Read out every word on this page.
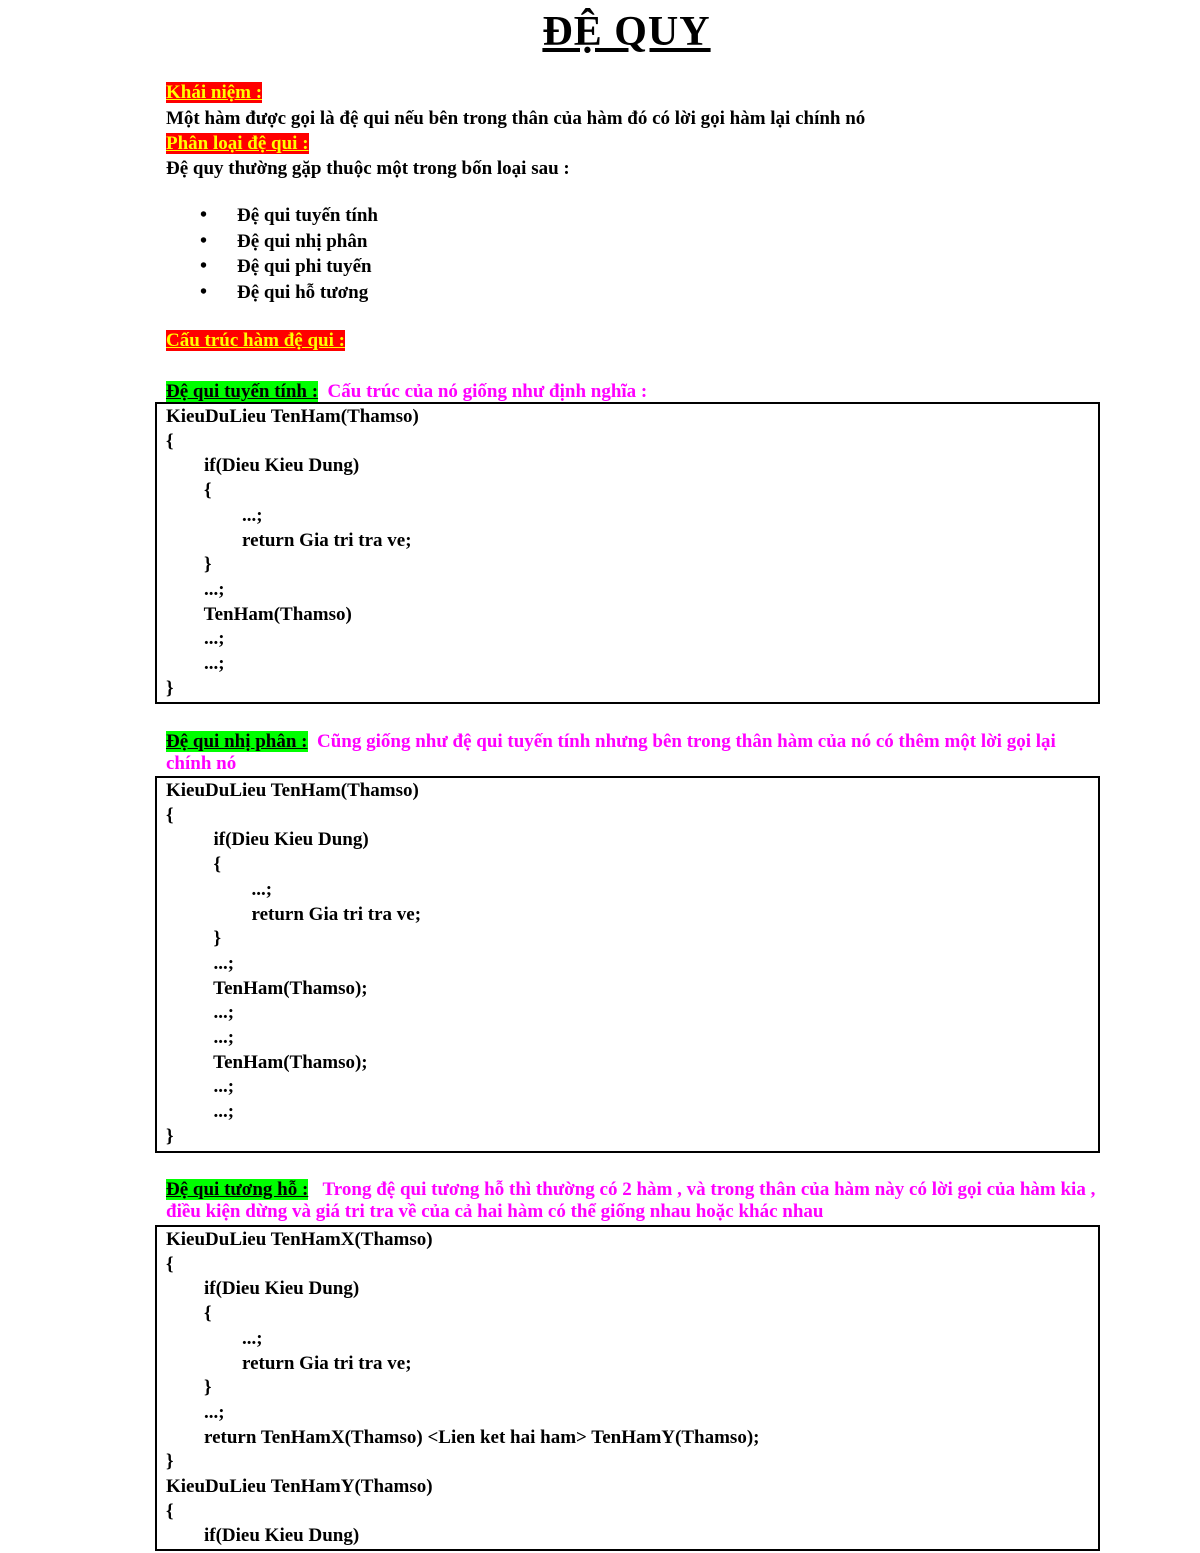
ĐỆ QUY
Khái niệm :
Một hàm được gọi là đệ qui nếu bên trong thân của hàm đó có lời gọi hàm lại chính nó
Phân loại đệ qui :
Đệ quy thường gặp thuộc một trong bốn loại sau :
• Đệ qui tuyến tính
• Đệ qui nhị phân
• Đệ qui phi tuyến
• Đệ qui hỗ tương
Cấu trúc hàm đệ qui :
Đệ qui tuyến tính : Cấu trúc của nó giống như định nghĩa :
KieuDuLieu TenHam(Thamso)
{
if(Dieu Kieu Dung)
{
...;
return Gia tri tra ve;
}
...;
TenHam(Thamso)
...;
...;
}
Đệ qui nhị phân : Cũng giống như đệ qui tuyến tính nhưng bên trong thân hàm của nó có thêm một lời gọi lại chính nó
KieuDuLieu TenHam(Thamso)
{
if(Dieu Kieu Dung)
{
...;
return Gia tri tra ve;
}
...;
TenHam(Thamso);
...;
...;
TenHam(Thamso);
...;
...;
}
Đệ qui tương hỗ : Trong đệ qui tương hỗ thì thường có 2 hàm , và trong thân của hàm này có lời gọi của hàm kia , điều kiện dừng và giá tri tra về của cả hai hàm có thể giống nhau hoặc khác nhau
KieuDuLieu TenHamX(Thamso)
{
if(Dieu Kieu Dung)
{
...;
return Gia tri tra ve;
}
...;
return TenHamX(Thamso) <Lien ket hai ham> TenHamY(Thamso);
}
KieuDuLieu TenHamY(Thamso)
{
if(Dieu Kieu Dung)
